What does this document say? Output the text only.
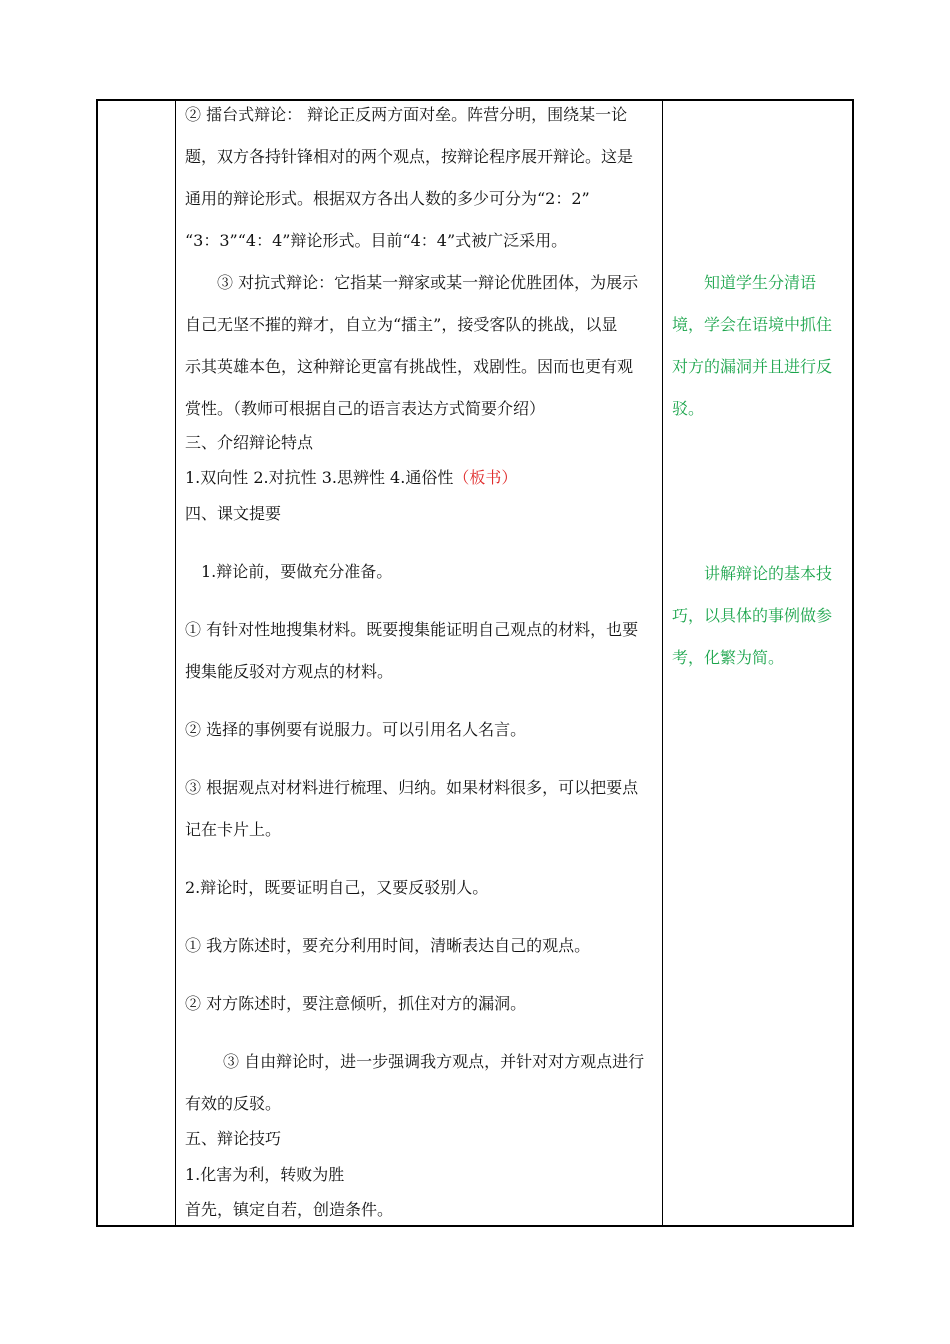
② 擂台式辩论： 辩论正反两方面对垒。阵营分明，围绕某一论
题，双方各持针锋相对的两个观点，按辩论程序展开辩论。这是
通用的辩论形式。根据双方各出人数的多少可分为“2：2”
“3：3”“4：4”辩论形式。目前“4：4”式被广泛采用。
③ 对抗式辩论：它指某一辩家或某一辩论优胜团体，为展示
自己无坚不摧的辩才，自立为“擂主”，接受客队的挑战，以显
示其英雄本色，这种辩论更富有挑战性，戏剧性。因而也更有观
赏性。（教师可根据自己的语言表达方式简要介绍）
三、介绍辩论特点
1.双向性 2.对抗性 3.思辨性 4.通俗性（板书）
四、课文提要
1.辩论前，要做充分准备。
① 有针对性地搜集材料。既要搜集能证明自己观点的材料，也要
搜集能反驳对方观点的材料。
② 选择的事例要有说服力。可以引用名人名言。
③ 根据观点对材料进行梳理、归纳。如果材料很多，可以把要点
记在卡片上。
2.辩论时，既要证明自己，又要反驳别人。
① 我方陈述时，要充分利用时间，清晰表达自己的观点。
② 对方陈述时，要注意倾听，抓住对方的漏洞。
③ 自由辩论时，进一步强调我方观点，并针对对方观点进行
有效的反驳。
五、辩论技巧
1.化害为利，转败为胜
首先，镇定自若，创造条件。
知道学生分清语
境，学会在语境中抓住
对方的漏洞并且进行反
驳。
讲解辩论的基本技
巧，以具体的事例做参
考，化繁为简。
